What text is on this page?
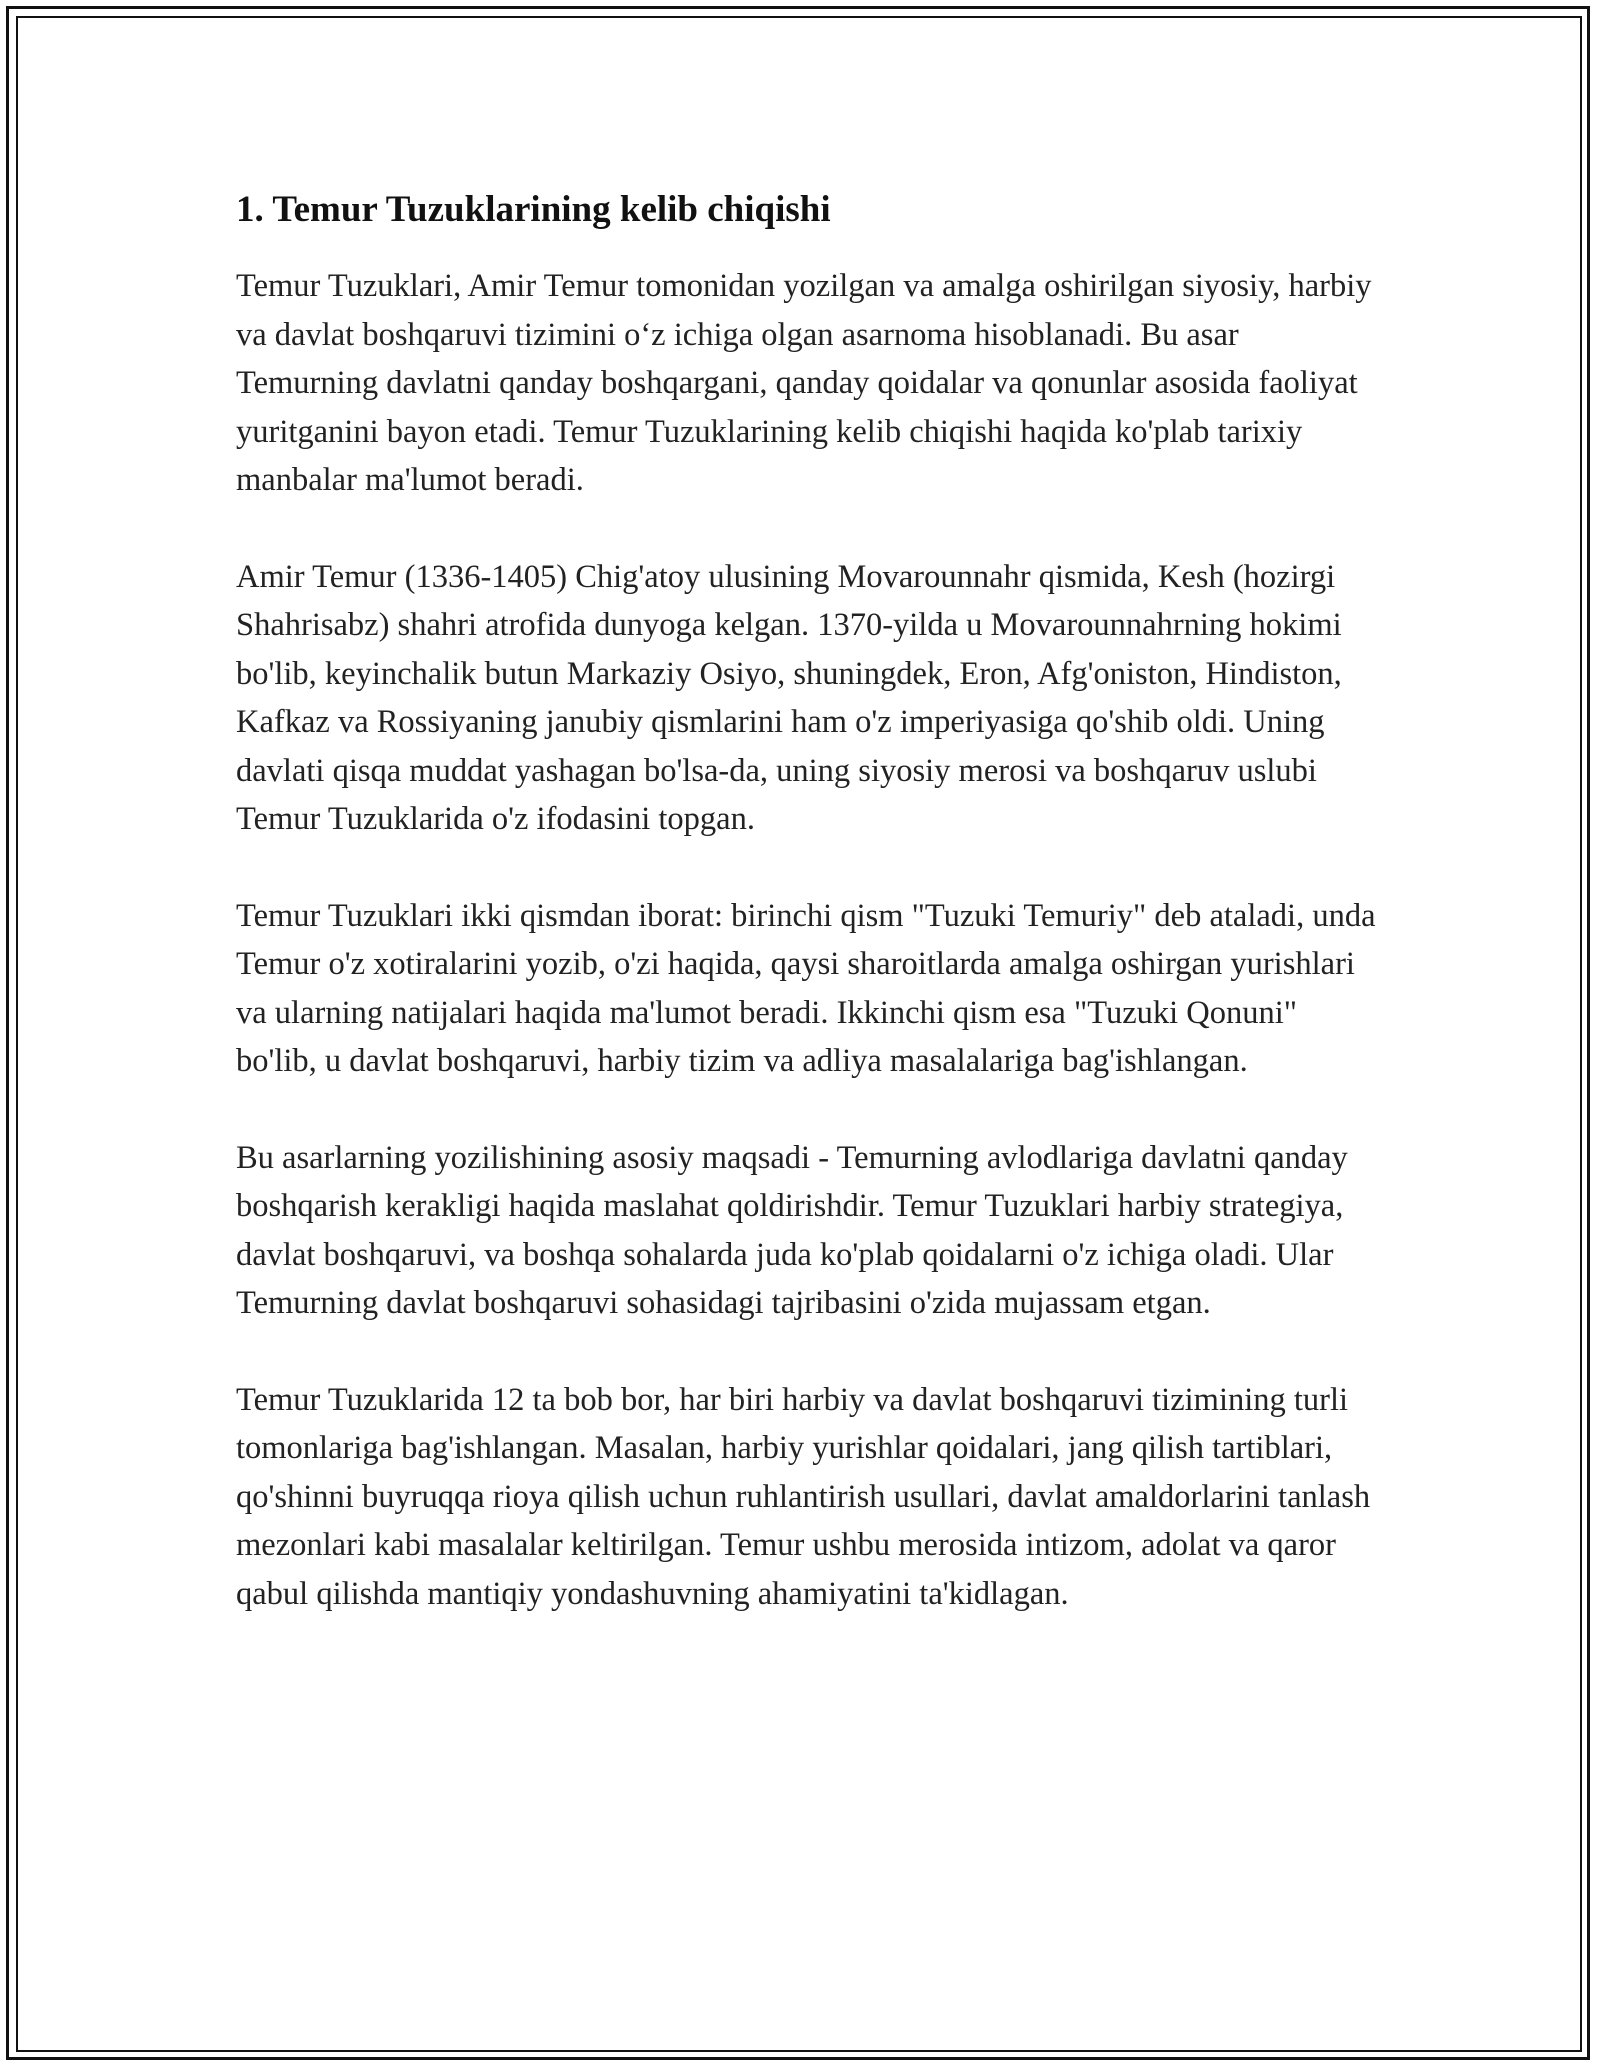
1. Temur Tuzuklarining kelib chiqishi

Temur Tuzuklari, Amir Temur tomonidan yozilgan va amalga oshirilgan siyosiy, harbiy va davlat boshqaruvi tizimini o‘z ichiga olgan asarnoma hisoblanadi. Bu asar Temurning davlatni qanday boshqargani, qanday qoidalar va qonunlar asosida faoliyat yuritganini bayon etadi. Temur Tuzuklarining kelib chiqishi haqida ko'plab tarixiy manbalar ma'lumot beradi.

Amir Temur (1336-1405) Chig'atoy ulusining Movarounnahr qismida, Kesh (hozirgi Shahrisabz) shahri atrofida dunyoga kelgan. 1370-yilda u Movarounnahrning hokimi bo'lib, keyinchalik butun Markaziy Osiyo, shuningdek, Eron, Afg'oniston, Hindiston, Kafkaz va Rossiyaning janubiy qismlarini ham o'z imperiyasiga qo'shib oldi. Uning davlati qisqa muddat yashagan bo'lsa-da, uning siyosiy merosi va boshqaruv uslubi Temur Tuzuklarida o'z ifodasini topgan.

Temur Tuzuklari ikki qismdan iborat: birinchi qism "Tuzuki Temuriy" deb ataladi, unda Temur o'z xotiralarini yozib, o'zi haqida, qaysi sharoitlarda amalga oshirgan yurishlari va ularning natijalari haqida ma'lumot beradi. Ikkinchi qism esa "Tuzuki Qonuni" bo'lib, u davlat boshqaruvi, harbiy tizim va adliya masalalariga bag'ishlangan.

Bu asarlarning yozilishining asosiy maqsadi - Temurning avlodlariga davlatni qanday boshqarish kerakligi haqida maslahat qoldirishdir. Temur Tuzuklari harbiy strategiya, davlat boshqaruvi, va boshqa sohalarda juda ko'plab qoidalarni o'z ichiga oladi. Ular Temurning davlat boshqaruvi sohasidagi tajribasini o'zida mujassam etgan.

Temur Tuzuklarida 12 ta bob bor, har biri harbiy va davlat boshqaruvi tizimining turli tomonlariga bag'ishlangan. Masalan, harbiy yurishlar qoidalari, jang qilish tartiblari, qo'shinni buyruqqa rioya qilish uchun ruhlantirish usullari, davlat amaldorlarini tanlash mezonlari kabi masalalar keltirilgan. Temur ushbu merosida intizom, adolat va qaror qabul qilishda mantiqiy yondashuvning ahamiyatini ta'kidlagan.
